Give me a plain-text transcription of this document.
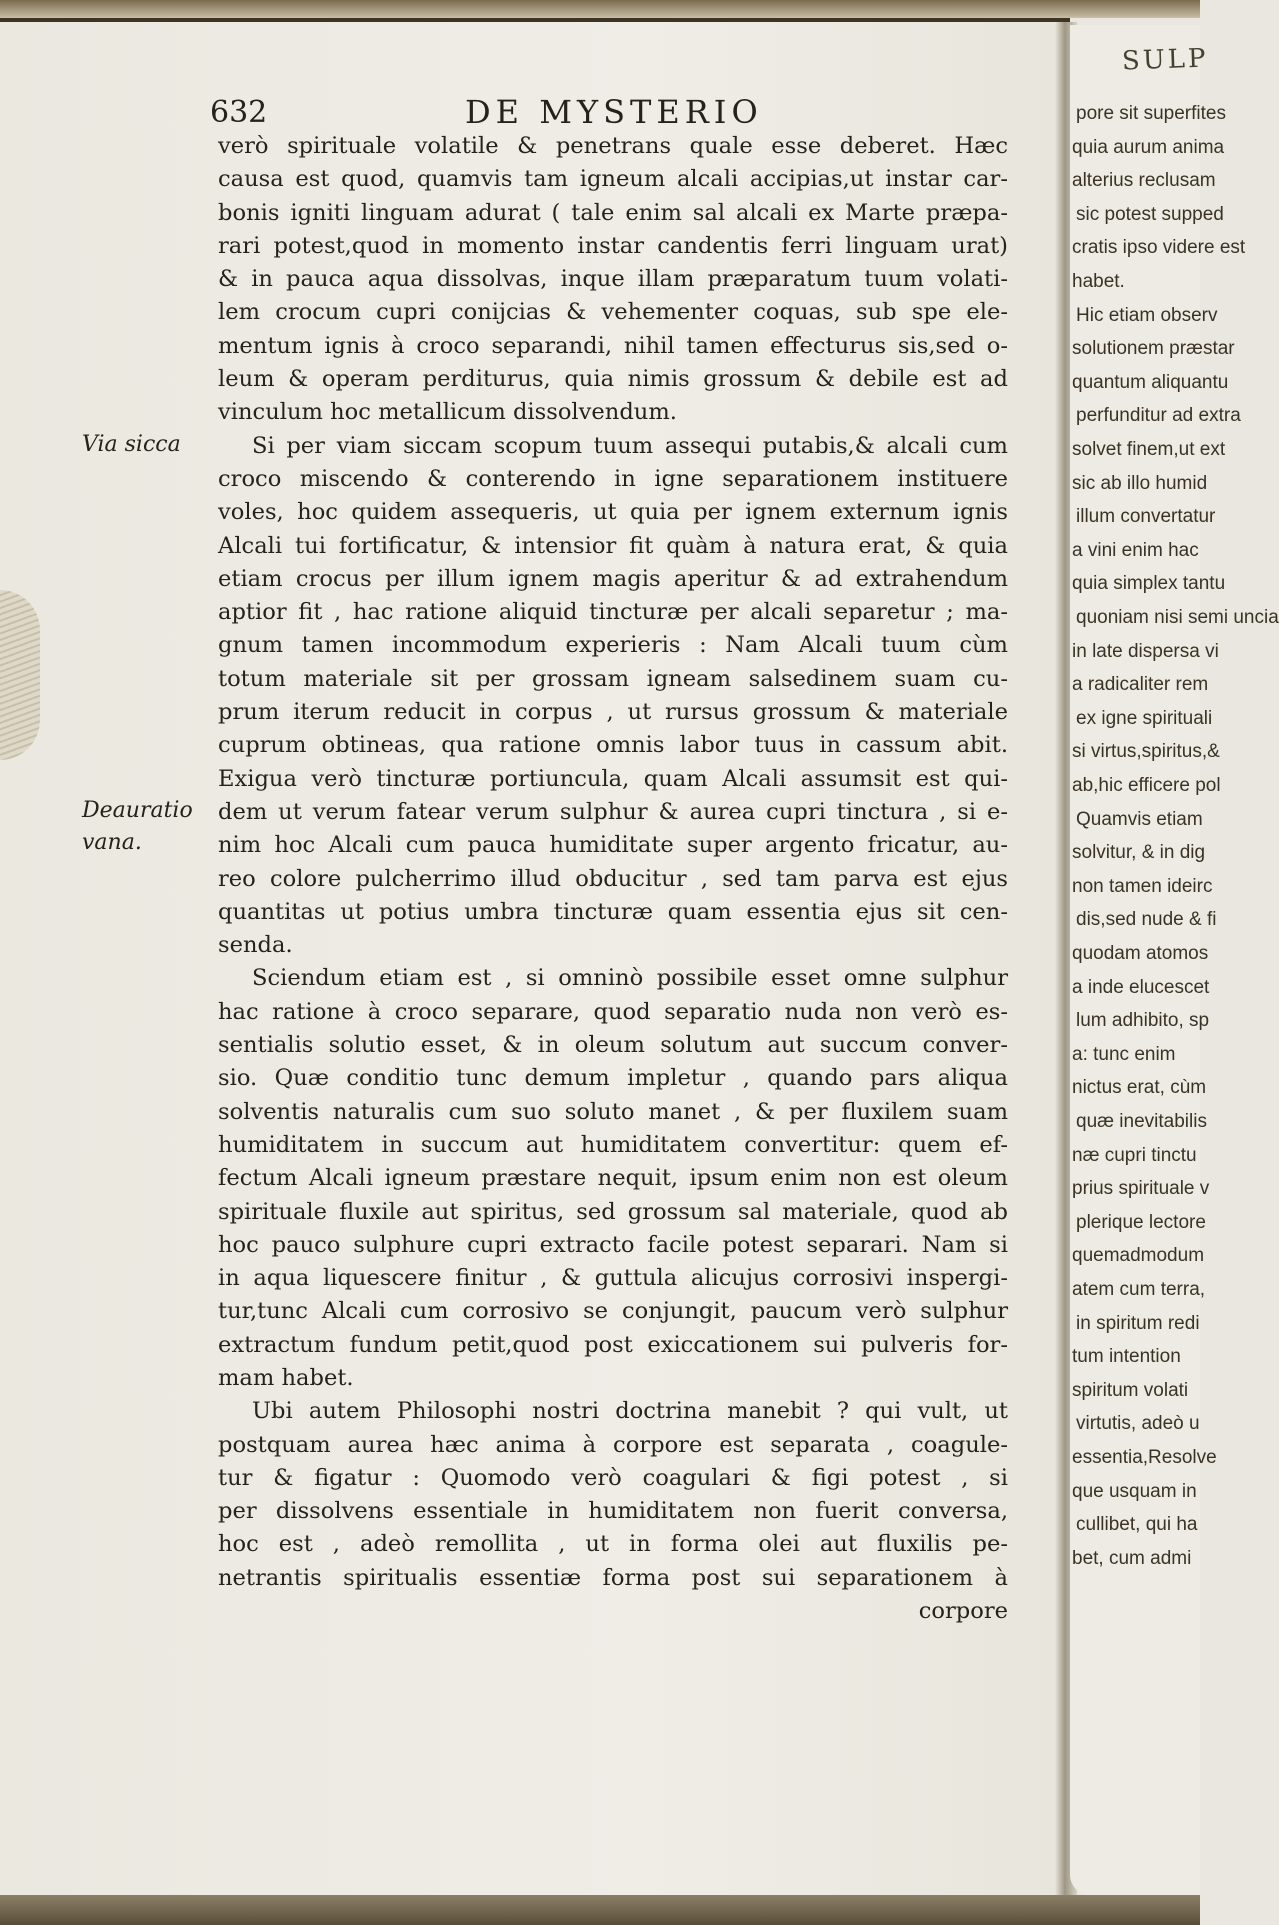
SULP
pore sit superfites
quia aurum anima
alterius reclusam
sic potest supped
cratis ipso videre est
habet.
Hic etiam observ
solutionem præstar
quantum aliquantu
perfunditur ad extra
solvet finem,ut ext
sic ab illo humid
illum convertatur
a vini enim hac
quia simplex tantu
quoniam nisi semi uncia
in late dispersa vi
a radicaliter rem
ex igne spirituali
si virtus,spiritus,&
ab,hic efficere pol
Quamvis etiam
solvitur, & in dig
non tamen ideirc
dis,sed nude & fi
quodam atomos
a inde elucescet
lum adhibito, sp
a: tunc enim
nictus erat, cùm
quæ inevitabilis
næ cupri tinctu
prius spirituale v
plerique lectore
quemadmodum
atem cum terra,
in spiritum redi
tum intention
spiritum volati
virtutis, adeò u
essentia,Resolve
que usquam in
cullibet, qui ha
bet, cum admi
632	DE MYSTERIO
Via sicca
Deauratio
vana.
verò spirituale volatile & penetrans quale esse deberet. Hæc
causa est quod, quamvis tam igneum alcali accipias,ut instar car-
bonis igniti linguam adurat ( tale enim sal alcali ex Marte præpa-
rari potest,quod in momento instar candentis ferri linguam urat)
& in pauca aqua dissolvas, inque illam præparatum tuum volati-
lem crocum cupri conijcias & vehementer coquas, sub spe ele-
mentum ignis à croco separandi, nihil tamen effecturus sis,sed o-
leum & operam perditurus, quia nimis grossum & debile est ad
vinculum hoc metallicum dissolvendum.
Si per viam siccam scopum tuum assequi putabis,& alcali cum
croco miscendo & conterendo in igne separationem instituere
voles, hoc quidem assequeris, ut quia per ignem externum ignis
Alcali tui fortificatur, & intensior fit quàm à natura erat, & quia
etiam crocus per illum ignem magis aperitur & ad extrahendum
aptior fit , hac ratione aliquid tincturæ per alcali separetur ; ma-
gnum tamen incommodum experieris : Nam Alcali tuum cùm
totum materiale sit per grossam igneam salsedinem suam cu-
prum iterum reducit in corpus , ut rursus grossum & materiale
cuprum obtineas, qua ratione omnis labor tuus in cassum abit.
Exigua verò tincturæ portiuncula, quam Alcali assumsit est qui-
dem ut verum fatear verum sulphur & aurea cupri tinctura , si e-
nim hoc Alcali cum pauca humiditate super argento fricatur, au-
reo colore pulcherrimo illud obducitur , sed tam parva est ejus
quantitas ut potius umbra tincturæ quam essentia ejus sit cen-
senda.
Sciendum etiam est , si omninò possibile esset omne sulphur
hac ratione à croco separare, quod separatio nuda non verò es-
sentialis solutio esset, & in oleum solutum aut succum conver-
sio. Quæ conditio tunc demum impletur , quando pars aliqua
solventis naturalis cum suo soluto manet , & per fluxilem suam
humiditatem in succum aut humiditatem convertitur: quem ef-
fectum Alcali igneum præstare nequit, ipsum enim non est oleum
spirituale fluxile aut spiritus, sed grossum sal materiale, quod ab
hoc pauco sulphure cupri extracto facile potest separari. Nam si
in aqua liquescere finitur , & guttula alicujus corrosivi inspergi-
tur,tunc Alcali cum corrosivo se conjungit, paucum verò sulphur
extractum fundum petit,quod post exiccationem sui pulveris for-
mam habet.
Ubi autem Philosophi nostri doctrina manebit ? qui vult, ut
postquam aurea hæc anima à corpore est separata , coagule-
tur & figatur : Quomodo verò coagulari & figi potest , si
per dissolvens essentiale in humiditatem non fuerit conversa,
hoc est , adeò remollita , ut in forma olei aut fluxilis pe-
netrantis spiritualis essentiæ forma post sui separationem à
corpore
